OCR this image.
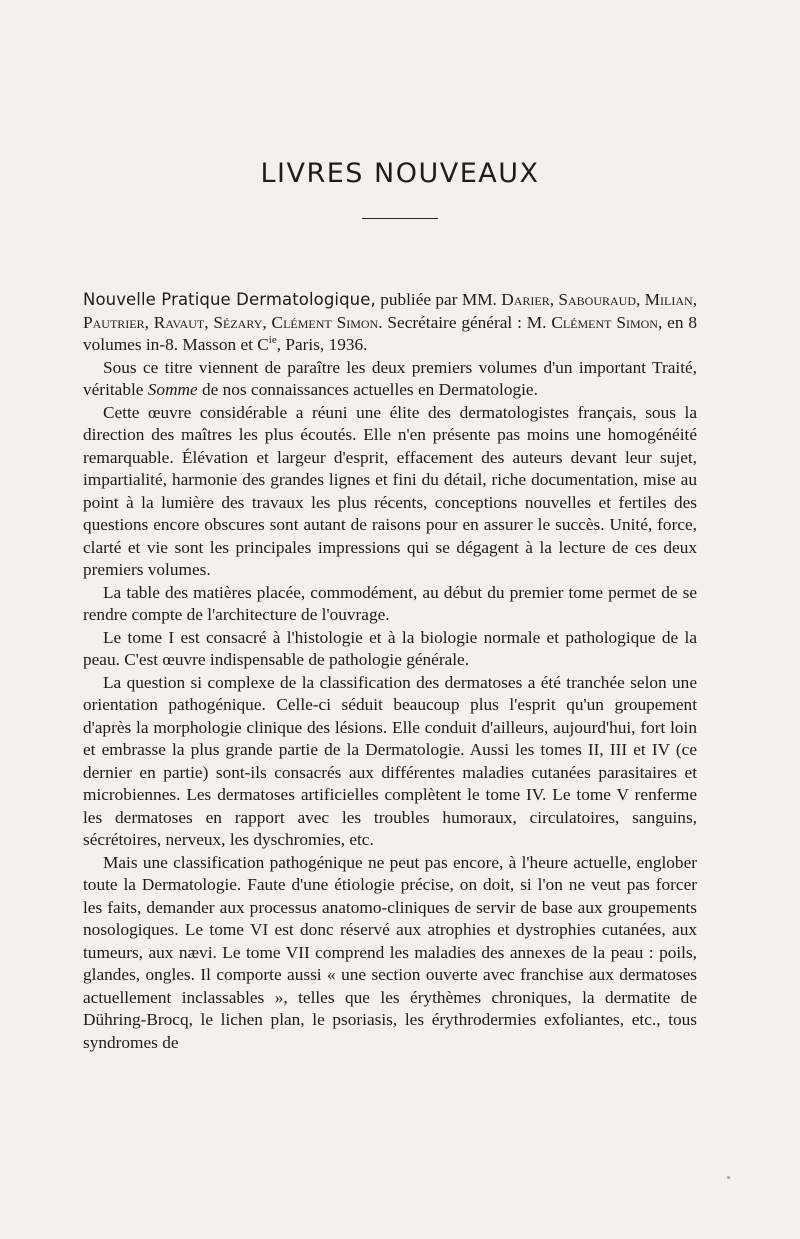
LIVRES NOUVEAUX

Nouvelle Pratique Dermatologique, publiée par MM. Darier, Sabouraud, Milian, Pautrier, Ravaut, Sézary, Clément Simon. Secrétaire général : M. Clément Simon, en 8 volumes in-8. Masson et $C^{ie}$, Paris, 1936.

Sous ce titre viennent de paraître les deux premiers volumes d'un important Traité, véritable Somme de nos connaissances actuelles en Dermatologie.

Cette œuvre considérable a réuni une élite des dermatologistes français, sous la direction des maîtres les plus écoutés. Elle n'en présente pas moins une homogénéité remarquable. Élévation et largeur d'esprit, effacement des auteurs devant leur sujet, impartialité, harmonie des grandes lignes et fini du détail, riche documentation, mise au point à la lumière des travaux les plus récents, conceptions nouvelles et fertiles des questions encore obscures sont autant de raisons pour en assurer le succès. Unité, force, clarté et vie sont les principales impressions qui se dégagent à la lecture de ces deux premiers volumes.

La table des matières placée, commodément, au début du premier tome permet de se rendre compte de l'architecture de l'ouvrage.

Le tome I est consacré à l'histologie et à la biologie normale et pathologique de la peau. C'est œuvre indispensable de pathologie générale.

La question si complexe de la classification des dermatoses a été tranchée selon une orientation pathogénique. Celle-ci séduit beaucoup plus l'esprit qu'un groupement d'après la morphologie clinique des lésions. Elle conduit d'ailleurs, aujourd'hui, fort loin et embrasse la plus grande partie de la Dermatologie. Aussi les tomes II, III et IV (ce dernier en partie) sont-ils consacrés aux différentes maladies cutanées parasitaires et microbiennes. Les dermatoses artificielles complètent le tome IV. Le tome V renferme les dermatoses en rapport avec les troubles humoraux, circulatoires, sanguins, sécrétoires, nerveux, les dyschromies, etc.

Mais une classification pathogénique ne peut pas encore, à l'heure actuelle, englober toute la Dermatologie. Faute d'une étiologie précise, on doit, si l'on ne veut pas forcer les faits, demander aux processus anatomo-cliniques de servir de base aux groupements nosologiques. Le tome VI est donc réservé aux atrophies et dystrophies cutanées, aux tumeurs, aux nævi. Le tome VII comprend les maladies des annexes de la peau : poils, glandes, ongles. Il comporte aussi « une section ouverte avec franchise aux dermatoses actuellement inclassables », telles que les érythèmes chroniques, la dermatite de Dühring-Brocq, le lichen plan, le psoriasis, les érythrodermies exfoliantes, etc., tous syndromes de
